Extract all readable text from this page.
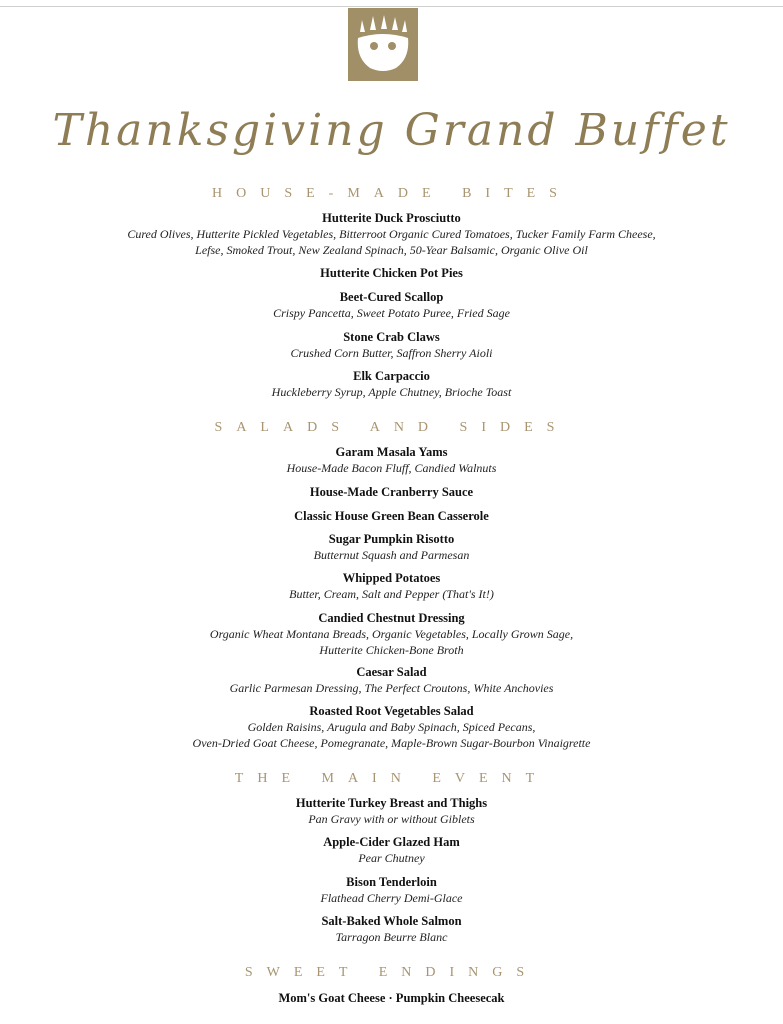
Thanksgiving Grand Buffet
HOUSE-MADE BITES
Hutterite Duck Prosciutto
Cured Olives, Hutterite Pickled Vegetables, Bitterroot Organic Cured Tomatoes, Tucker Family Farm Cheese,
Lefse, Smoked Trout, New Zealand Spinach, 50-Year Balsamic, Organic Olive Oil
Hutterite Chicken Pot Pies
Beet-Cured Scallop
Crispy Pancetta, Sweet Potato Puree, Fried Sage
Stone Crab Claws
Crushed Corn Butter, Saffron Sherry Aioli
Elk Carpaccio
Huckleberry Syrup, Apple Chutney, Brioche Toast
SALADS AND SIDES
Garam Masala Yams
House-Made Bacon Fluff, Candied Walnuts
House-Made Cranberry Sauce
Classic House Green Bean Casserole
Sugar Pumpkin Risotto
Butternut Squash and Parmesan
Whipped Potatoes
Butter, Cream, Salt and Pepper (That's It!)
Candied Chestnut Dressing
Organic Wheat Montana Breads, Organic Vegetables, Locally Grown Sage,
Hutterite Chicken-Bone Broth
Caesar Salad
Garlic Parmesan Dressing, The Perfect Croutons, White Anchovies
Roasted Root Vegetables Salad
Golden Raisins, Arugula and Baby Spinach, Spiced Pecans,
Oven-Dried Goat Cheese, Pomegranate, Maple-Brown Sugar-Bourbon Vinaigrette
THE MAIN EVENT
Hutterite Turkey Breast and Thighs
Pan Gravy with or without Giblets
Apple-Cider Glazed Ham
Pear Chutney
Bison Tenderloin
Flathead Cherry Demi-Glace
Salt-Baked Whole Salmon
Tarragon Beurre Blanc
SWEET ENDINGS
Mom's Goat Cheese · Pumpkin Cheesecak
